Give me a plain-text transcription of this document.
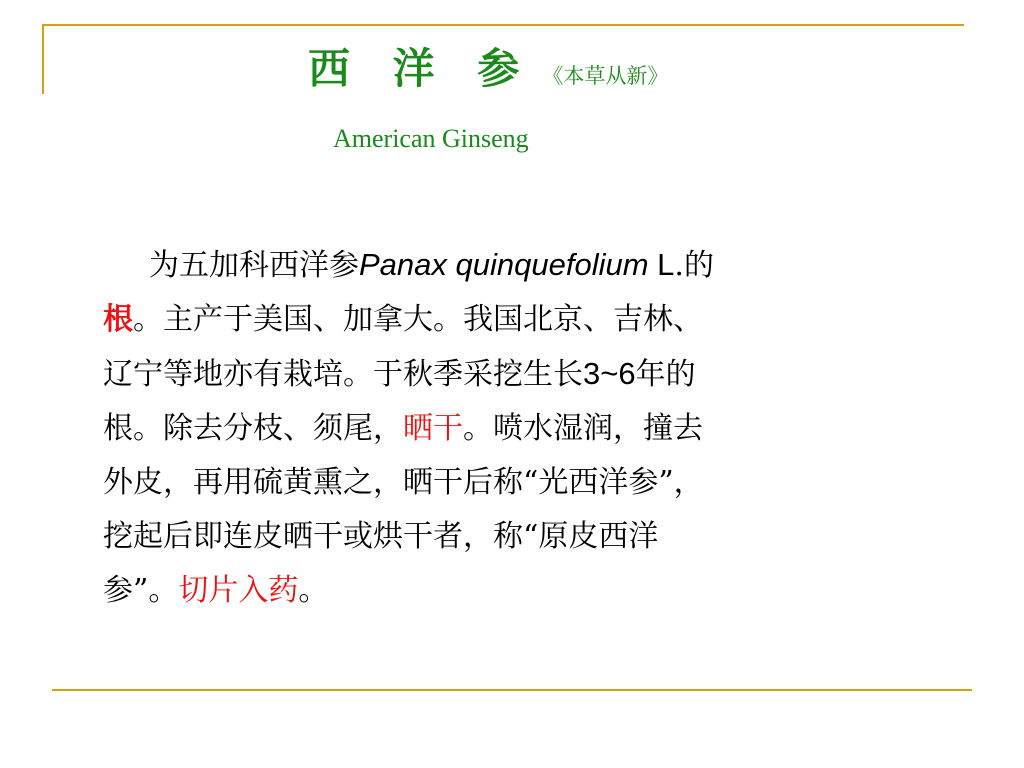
西 洋 参 《本草从新》
American Ginseng
为五加科西洋参Panax quinquefolium L.的
根。主产于美国、加拿大。我国北京、吉林、
辽宁等地亦有栽培。于秋季采挖生长3~6年的
根。除去分枝、须尾，晒干。喷水湿润，撞去
外皮，再用硫黄熏之，晒干后称“光西洋参”，
挖起后即连皮晒干或烘干者，称“原皮西洋
参”。切片入药。
